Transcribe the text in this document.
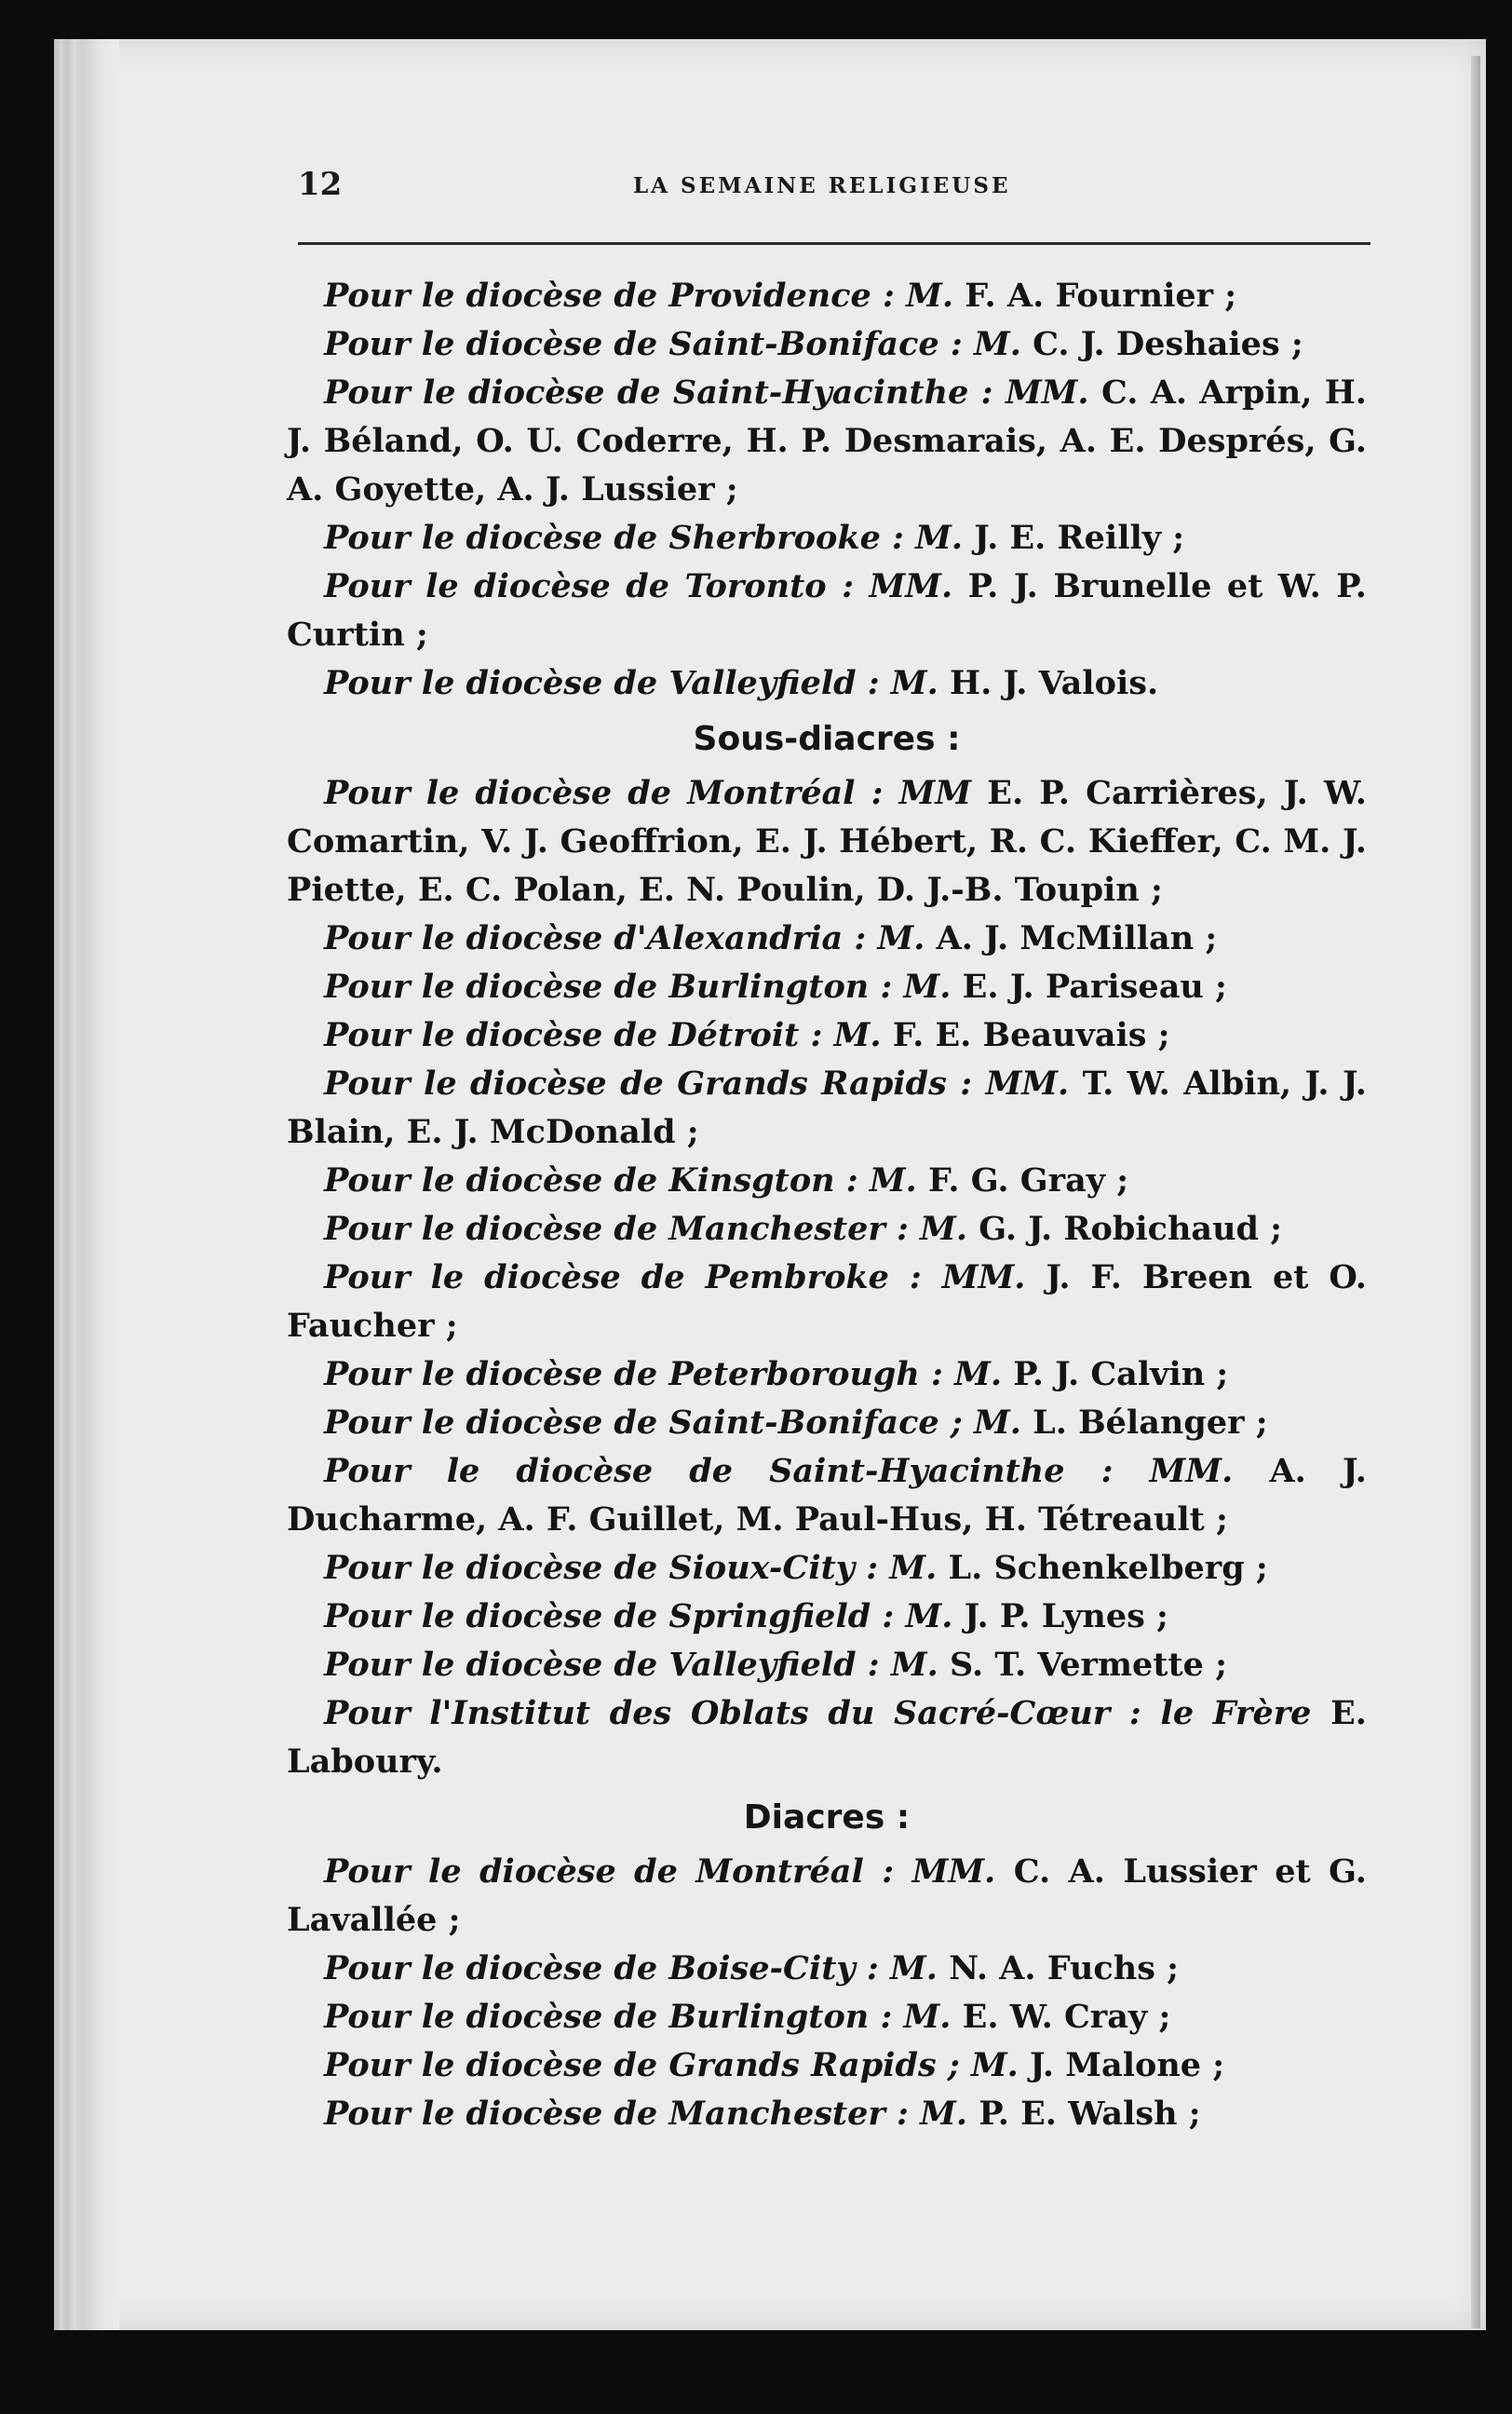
12	LA SEMAINE RELIGIEUSE

Pour le diocèse de Providence : M. F. A. Fournier ;

Pour le diocèse de Saint-Boniface : M. C. J. Deshaies ;

Pour le diocèse de Saint-Hyacinthe : MM. C. A. Arpin, H. J. Béland, O. U. Coderre, H. P. Desmarais, A. E. Després, G. A. Goyette, A. J. Lussier ;

Pour le diocèse de Sherbrooke : M. J. E. Reilly ;

Pour le diocèse de Toronto : MM. P. J. Brunelle et W. P. Curtin ;

Pour le diocèse de Valleyfield : M. H. J. Valois.

Sous-diacres :

Pour le diocèse de Montréal : MM E. P. Carrières, J. W. Comartin, V. J. Geoffrion, E. J. Hébert, R. C. Kieffer, C. M. J. Piette, E. C. Polan, E. N. Poulin, D. J.-B. Toupin ;

Pour le diocèse d'Alexandria : M. A. J. McMillan ;

Pour le diocèse de Burlington : M. E. J. Pariseau ;

Pour le diocèse de Détroit : M. F. E. Beauvais ;

Pour le diocèse de Grands Rapids : MM. T. W. Albin, J. J. Blain, E. J. McDonald ;

Pour le diocèse de Kinsgton : M. F. G. Gray ;

Pour le diocèse de Manchester : M. G. J. Robichaud ;

Pour le diocèse de Pembroke : MM. J. F. Breen et O. Faucher ;

Pour le diocèse de Peterborough : M. P. J. Calvin ;

Pour le diocèse de Saint-Boniface ; M. L. Bélanger ;

Pour le diocèse de Saint-Hyacinthe : MM. A. J. Ducharme, A. F. Guillet, M. Paul-Hus, H. Tétreault ;

Pour le diocèse de Sioux-City : M. L. Schenkelberg ;

Pour le diocèse de Springfield : M. J. P. Lynes ;

Pour le diocèse de Valleyfield : M. S. T. Vermette ;

Pour l'Institut des Oblats du Sacré-Cœur : le Frère E. Laboury.

Diacres :

Pour le diocèse de Montréal : MM. C. A. Lussier et G. Lavallée ;

Pour le diocèse de Boise-City : M. N. A. Fuchs ;

Pour le diocèse de Burlington : M. E. W. Cray ;

Pour le diocèse de Grands Rapids ; M. J. Malone ;

Pour le diocèse de Manchester : M. P. E. Walsh ;
